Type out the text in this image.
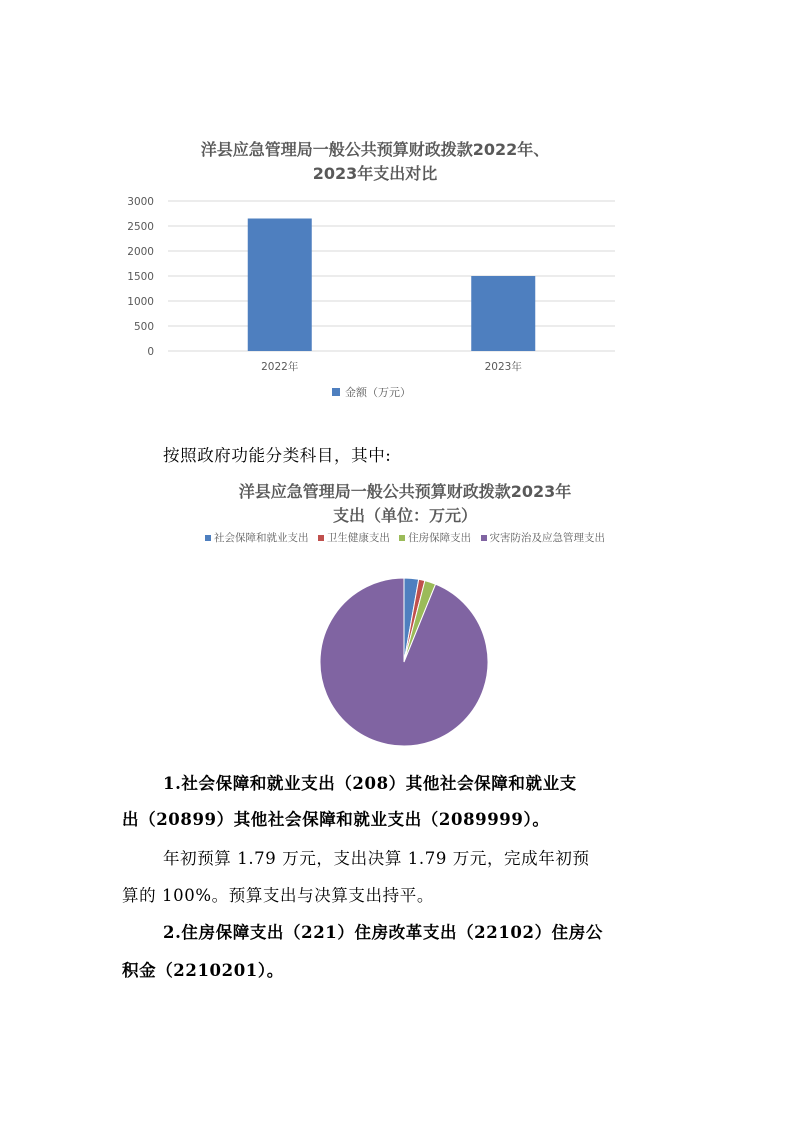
洋县应急管理局一般公共预算财政拨款2022年、
2023年支出对比
0
500
1000
1500
2000
2500
3000
2022年	2023年
金额（万元）
按照政府功能分类科目，其中:
洋县应急管理局一般公共预算财政拨款2023年
支出（单位：万元）
社会保障和就业支出 卫生健康支出 住房保障支出 灾害防治及应急管理支出
1.社会保障和就业支出（208）其他社会保障和就业支
出（20899）其他社会保障和就业支出（2089999）。
年初预算 1.79 万元，支出决算 1.79 万元，完成年初预
算的 100%。预算支出与决算支出持平。
2.住房保障支出（221）住房改革支出（22102）住房公
积金（2210201）。
